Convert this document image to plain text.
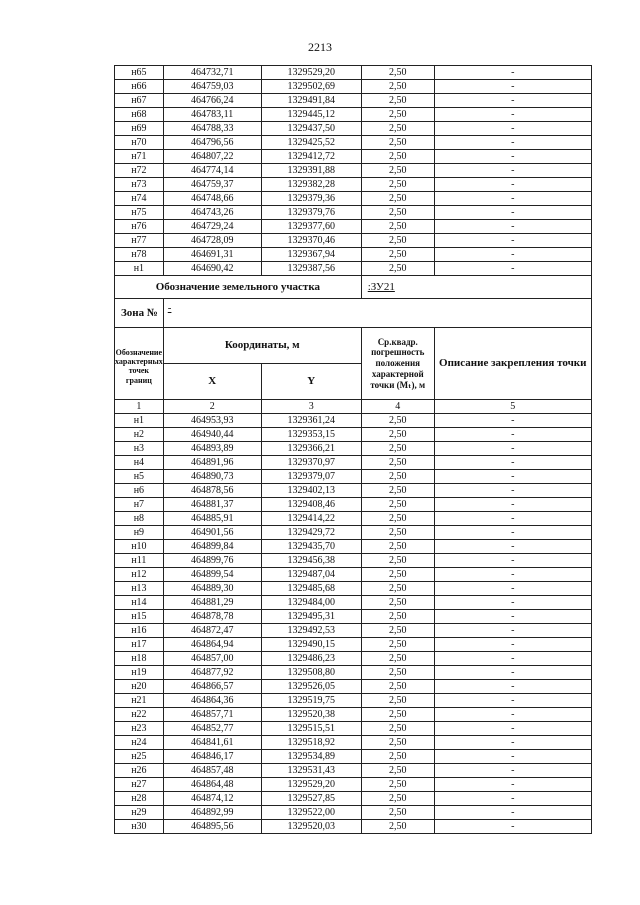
2213
н65	464732,71	1329529,20	2,50	-
н66	464759,03	1329502,69	2,50	-
н67	464766,24	1329491,84	2,50	-
н68	464783,11	1329445,12	2,50	-
н69	464788,33	1329437,50	2,50	-
н70	464796,56	1329425,52	2,50	-
н71	464807,22	1329412,72	2,50	-
н72	464774,14	1329391,88	2,50	-
н73	464759,37	1329382,28	2,50	-
н74	464748,66	1329379,36	2,50	-
н75	464743,26	1329379,76	2,50	-
н76	464729,24	1329377,60	2,50	-
н77	464728,09	1329370,46	2,50	-
н78	464691,31	1329367,94	2,50	-
н1	464690,42	1329387,56	2,50	-
Обозначение земельного участка			:ЗУ21	
Зона №	-			
Обозначение характерных точек границ	Координаты, м		Ср.квадр. погрешность положения характерной точки (Mₜ), м	Описание закрепления точки
	X	Y		
1	2	3	4	5
н1	464953,93	1329361,24	2,50	-
н2	464940,44	1329353,15	2,50	-
н3	464893,89	1329366,21	2,50	-
н4	464891,96	1329370,97	2,50	-
н5	464890,73	1329379,07	2,50	-
н6	464878,56	1329402,13	2,50	-
н7	464881,37	1329408,46	2,50	-
н8	464885,91	1329414,22	2,50	-
н9	464901,56	1329429,72	2,50	-
н10	464899,84	1329435,70	2,50	-
н11	464899,76	1329456,38	2,50	-
н12	464899,54	1329487,04	2,50	-
н13	464889,30	1329485,68	2,50	-
н14	464881,29	1329484,00	2,50	-
н15	464878,78	1329495,31	2,50	-
н16	464872,47	1329492,53	2,50	-
н17	464864,94	1329490,15	2,50	-
н18	464857,00	1329486,23	2,50	-
н19	464877,92	1329508,80	2,50	-
н20	464866,57	1329526,05	2,50	-
н21	464864,36	1329519,75	2,50	-
н22	464857,71	1329520,38	2,50	-
н23	464852,77	1329515,51	2,50	-
н24	464841,61	1329518,92	2,50	-
н25	464846,17	1329534,89	2,50	-
н26	464857,48	1329531,43	2,50	-
н27	464864,48	1329529,20	2,50	-
н28	464874,12	1329527,85	2,50	-
н29	464892,99	1329522,00	2,50	-
н30	464895,56	1329520,03	2,50	-
